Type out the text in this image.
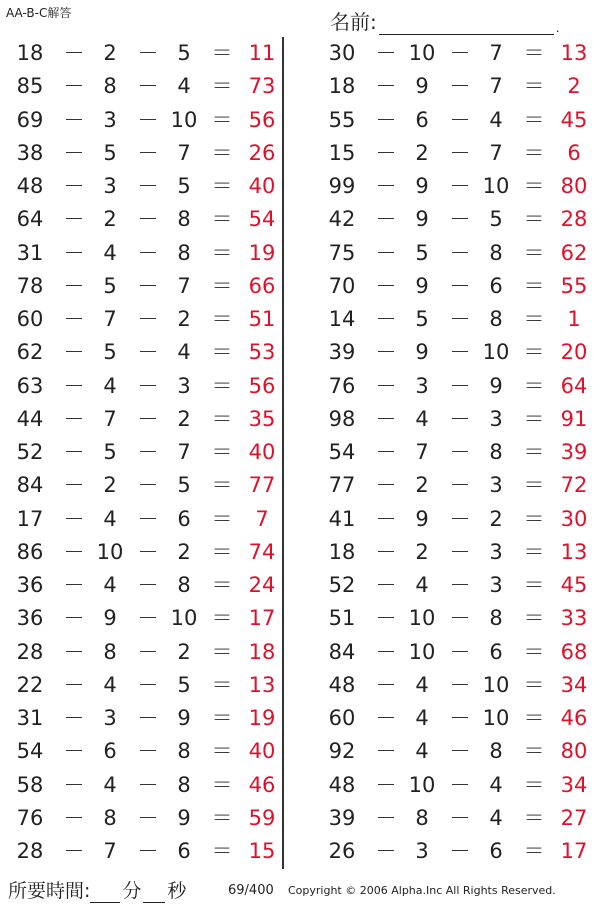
AA-B-C解答	名前:	.
18 － 2 － 5 ＝ 11
85 － 8 － 4 ＝ 73
69 － 3 － 10 ＝ 56
38 － 5 － 7 ＝ 26
48 － 3 － 5 ＝ 40
64 － 2 － 8 ＝ 54
31 － 4 － 8 ＝ 19
78 － 5 － 7 ＝ 66
60 － 7 － 2 ＝ 51
62 － 5 － 4 ＝ 53
63 － 4 － 3 ＝ 56
44 － 7 － 2 ＝ 35
52 － 5 － 7 ＝ 40
84 － 2 － 5 ＝ 77
17 － 4 － 6 ＝ 7
86 － 10 － 2 ＝ 74
36 － 4 － 8 ＝ 24
36 － 9 － 10 ＝ 17
28 － 8 － 2 ＝ 18
22 － 4 － 5 ＝ 13
31 － 3 － 9 ＝ 19
54 － 6 － 8 ＝ 40
58 － 4 － 8 ＝ 46
76 － 8 － 9 ＝ 59
28 － 7 － 6 ＝ 15
30 － 10 － 7 ＝ 13
18 － 9 － 7 ＝ 2
55 － 6 － 4 ＝ 45
15 － 2 － 7 ＝ 6
99 － 9 － 10 ＝ 80
42 － 9 － 5 ＝ 28
75 － 5 － 8 ＝ 62
70 － 9 － 6 ＝ 55
14 － 5 － 8 ＝ 1
39 － 9 － 10 ＝ 20
76 － 3 － 9 ＝ 64
98 － 4 － 3 ＝ 91
54 － 7 － 8 ＝ 39
77 － 2 － 3 ＝ 72
41 － 9 － 2 ＝ 30
18 － 2 － 3 ＝ 13
52 － 4 － 3 ＝ 45
51 － 10 － 8 ＝ 33
84 － 10 － 6 ＝ 68
48 － 4 － 10 ＝ 34
60 － 4 － 10 ＝ 46
92 － 4 － 8 ＝ 80
48 － 10 － 4 ＝ 34
39 － 8 － 4 ＝ 27
26 － 3 － 6 ＝ 17
所要時間: 分 秒	69/400 Copyright © 2006 Alpha.Inc All Rights Reserved.
